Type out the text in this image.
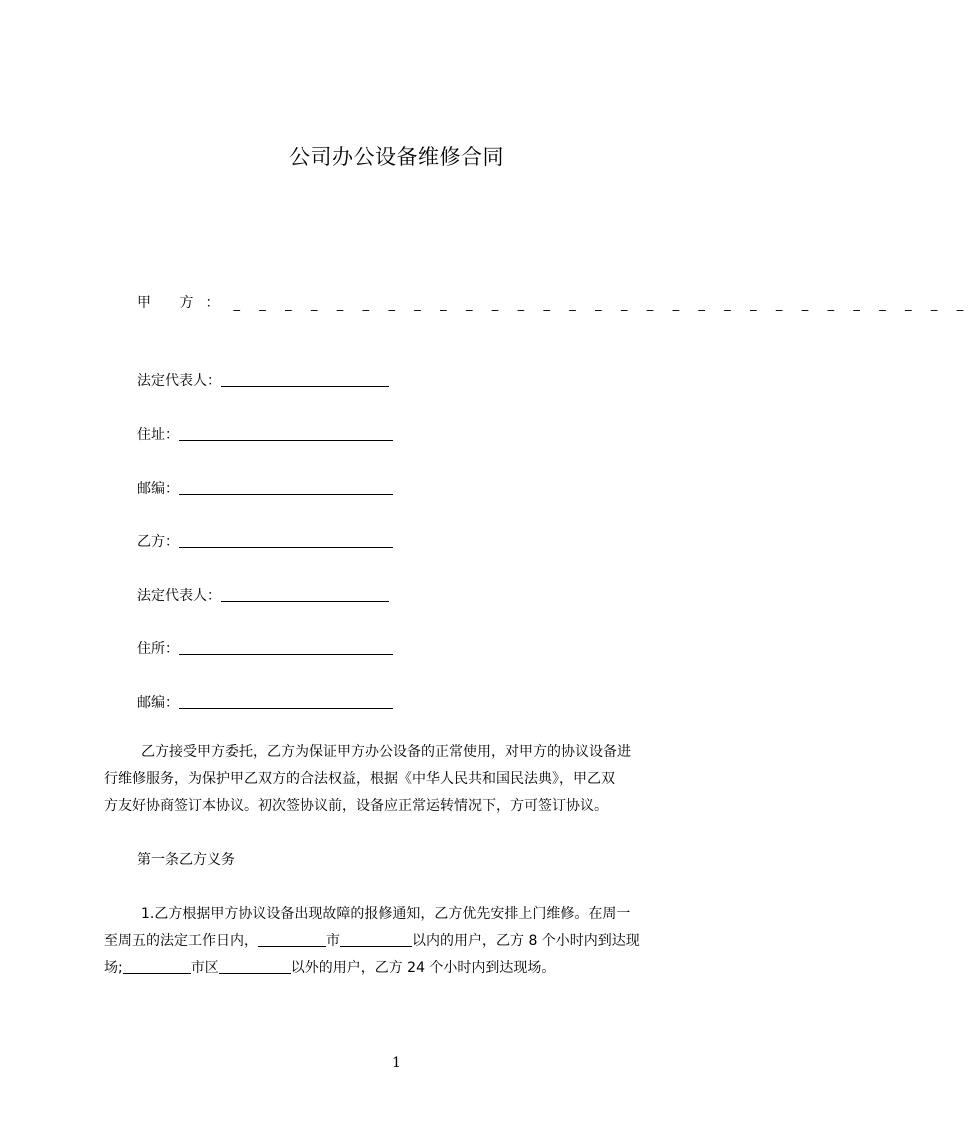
公司办公设备维修合同
甲 方： _ _ _ _ _ _ _ _ _ _ _ _ _ _ _ _ _ _ _ _ _ _ _ _ _ _ _ _ _
法定代表人：
住址：
邮编：
乙方：
法定代表人：
住所：
邮编：
乙方接受甲方委托，乙方为保证甲方办公设备的正常使用，对甲方的协议设备进
行维修服务，为保护甲乙双方的合法权益，根据《中华人民共和国民法典》，甲乙双
方友好协商签订本协议。初次签协议前，设备应正常运转情况下，方可签订协议。
第一条乙方义务
1.乙方根据甲方协议设备出现故障的报修通知，乙方优先安排上门维修。在周一
至周五的法定工作日内，	市	以内的用户，乙方 8 个小时内到达现
场;	市区	以外的用户，乙方 24 个小时内到达现场。
1
